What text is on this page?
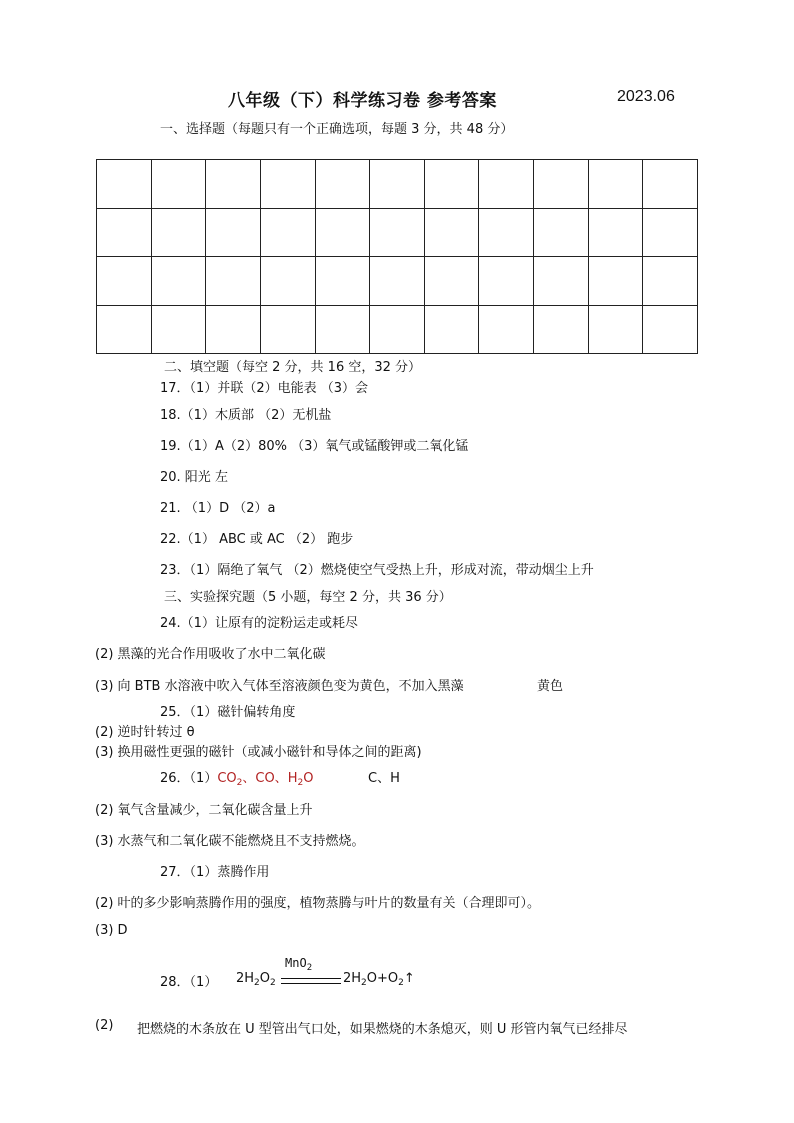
八年级（下）科学练习卷 参考答案	2023.06
一、选择题（每题只有一个正确选项，每题 3 分，共 48 分）

二、填空题（每空 2 分，共 16 空，32 分）
17．（1）并联（2）电能表 （3）会
18.（1）木质部 （2）无机盐
19.（1）A（2）80% （3）氧气或锰酸钾或二氧化锰
20. 阳光 左
21. （1）D （2）a
22.（1） ABC 或 AC （2） 跑步
23．（1）隔绝了氧气 （2）燃烧使空气受热上升，形成对流，带动烟尘上升
三、实验探究题（5 小题，每空 2 分，共 36 分）
24.（1）让原有的淀粉运走或耗尽
(2) 黑藻的光合作用吸收了水中二氧化碳
(3) 向 BTB 水溶液中吹入气体至溶液颜色变为黄色，不加入黑藻	黄色
25．（1）磁针偏转角度
(2) 逆时针转过 θ
(3) 换用磁性更强的磁针（或减小磁针和导体之间的距离)
26．$(1)CO_2$、CO、$H_2O$	C、H
(2) 氧气含量减少，二氧化碳含量上升
(3) 水蒸气和二氧化碳不能燃烧且不支持燃烧。
27．（1）蒸腾作用
(2) 叶的多少影响蒸腾作用的强度，植物蒸腾与叶片的数量有关（合理即可）。
(3) D
28．（1）
MnO$_2$
$2H_2O_2$	$2H_2O+O_2↑$
(2) 把燃烧的木条放在 U 型管出气口处，如果燃烧的木条熄灭，则 U 形管内氧气已经排尽
